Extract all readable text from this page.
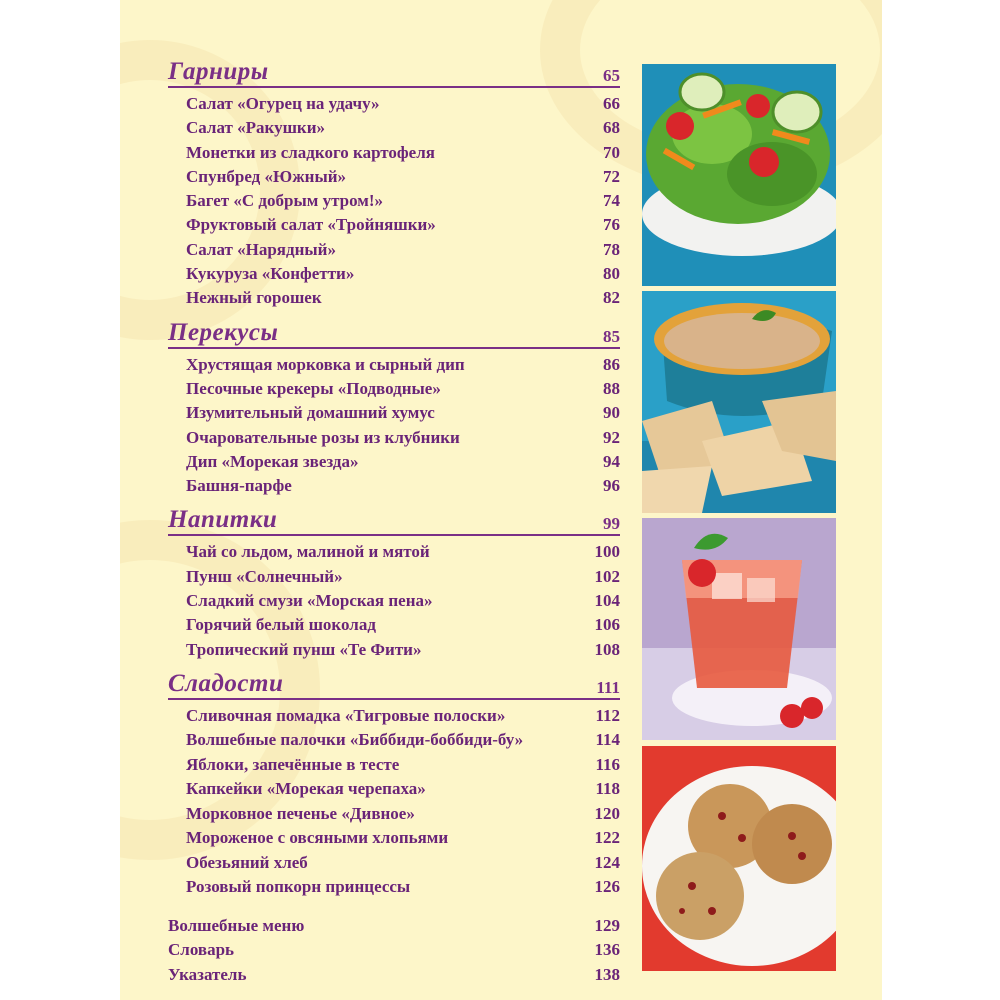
Гарниры	65
Салат «Огурец на удачу»	66
Салат «Ракушки»	68
Монетки из сладкого картофеля	70
Спунбред «Южный»	72
Багет «С добрым утром!»	74
Фруктовый салат «Тройняшки»	76
Салат «Нарядный»	78
Кукуруза «Конфетти»	80
Нежный горошек	82
Перекусы	85
Хрустящая морковка и сырный дип	86
Песочные крекеры «Подводные»	88
Изумительный домашний хумус	90
Очаровательные розы из клубники	92
Дип «Морекая звезда»	94
Башня-парфе	96
Напитки	99
Чай со льдом, малиной и мятой	100
Пунш «Солнечный»	102
Сладкий смузи «Морская пена»	104
Горячий белый шоколад	106
Тропический пунш «Те Фити»	108
Сладости	111
Сливочная помадка «Тигровые полоски»	112
Волшебные палочки «Биббиди-боббиди-бу»	114
Яблоки, запечённые в тесте	116
Капкейки «Морекая черепаха»	118
Морковное печенье «Дивное»	120
Мороженое с овсяными хлопьями	122
Обезьяний хлеб	124
Розовый попкорн принцессы	126
Волшебные меню	129
Словарь	136
Указатель	138
